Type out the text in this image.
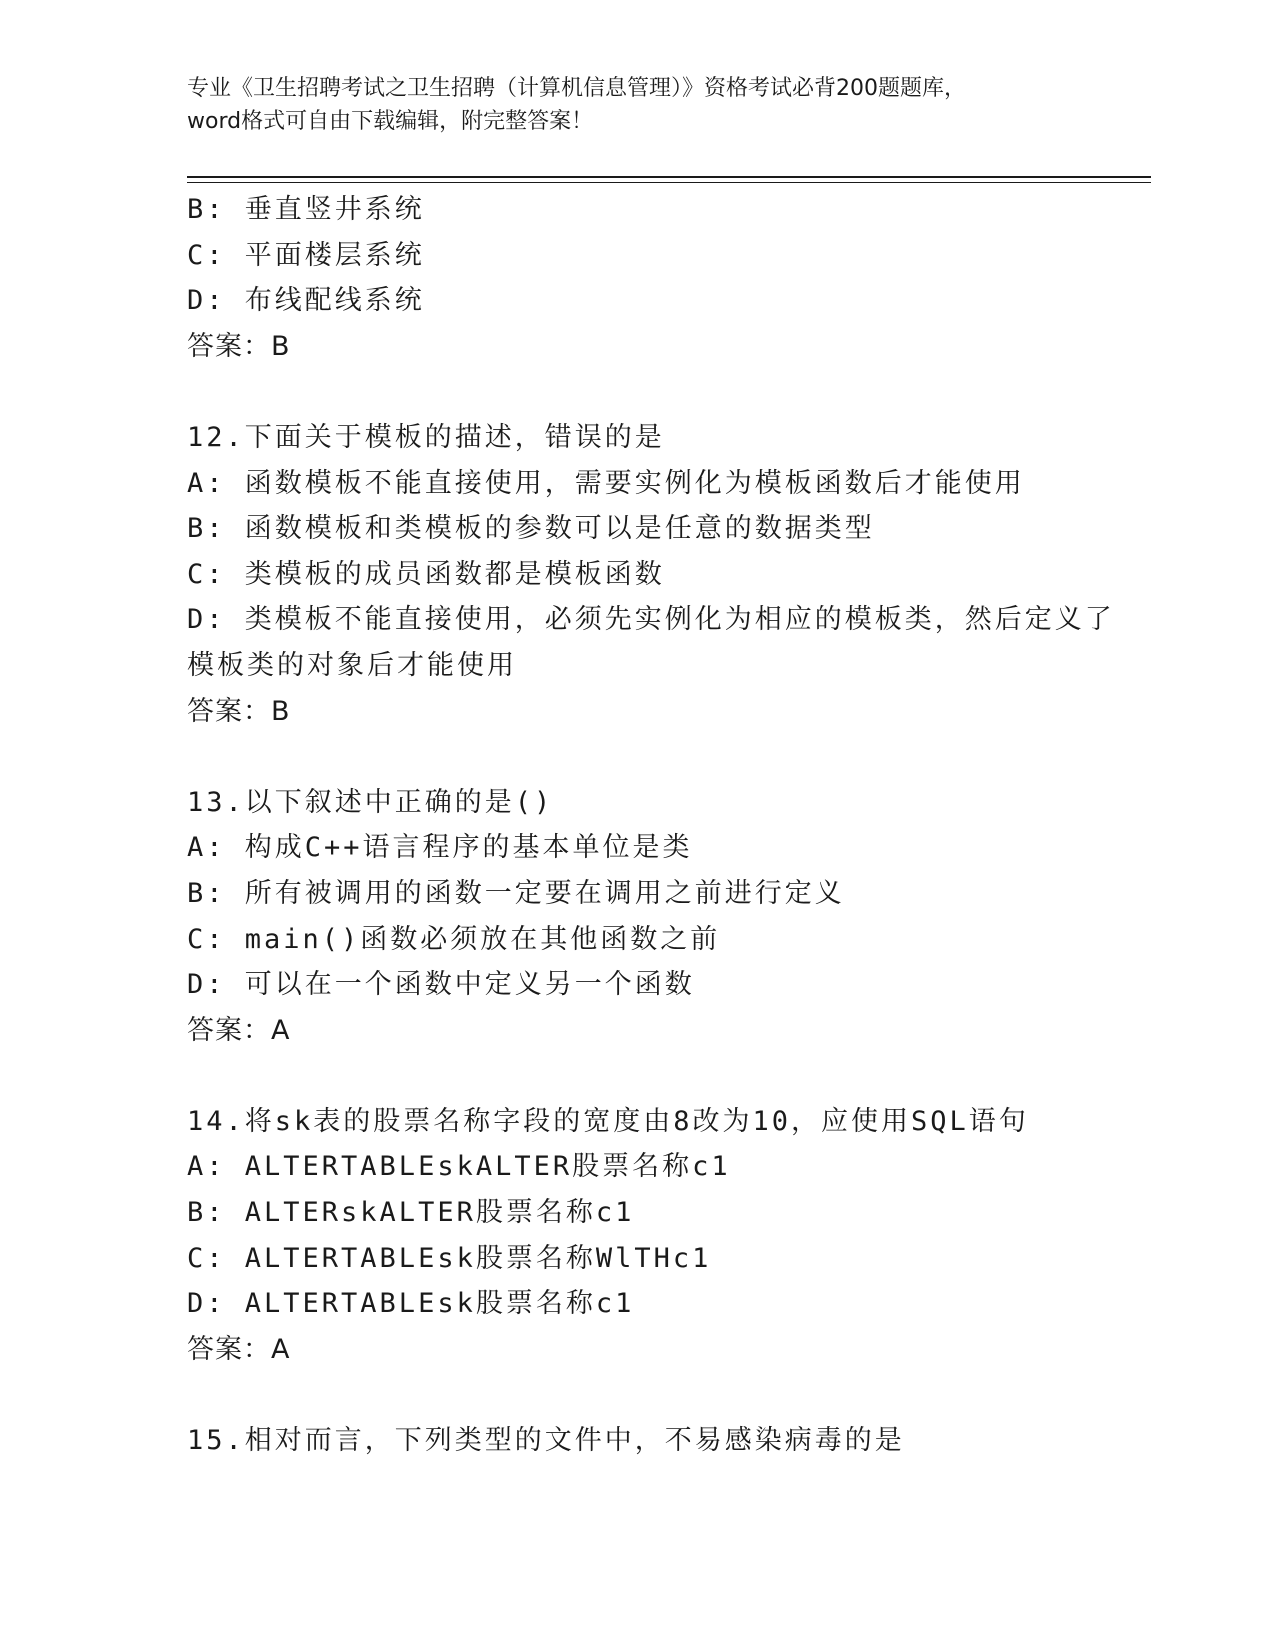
专业《卫生招聘考试之卫生招聘（计算机信息管理）》资格考试必背200题题库，
word格式可自由下载编辑，附完整答案！
B: 垂直竖井系统
C: 平面楼层系统
D: 布线配线系统
答案：B
12.下面关于模板的描述，错误的是
A: 函数模板不能直接使用，需要实例化为模板函数后才能使用
B: 函数模板和类模板的参数可以是任意的数据类型
C: 类模板的成员函数都是模板函数
D: 类模板不能直接使用，必须先实例化为相应的模板类，然后定义了
模板类的对象后才能使用
答案：B
13.以下叙述中正确的是()
A: 构成C++语言程序的基本单位是类
B: 所有被调用的函数一定要在调用之前进行定义
C: main()函数必须放在其他函数之前
D: 可以在一个函数中定义另一个函数
答案：A
14.将sk表的股票名称字段的宽度由8改为10，应使用SQL语句
A: ALTERTABLEskALTER股票名称c1
B: ALTERskALTER股票名称c1
C: ALTERTABLEsk股票名称WlTHc1
D: ALTERTABLEsk股票名称c1
答案：A
15.相对而言，下列类型的文件中，不易感染病毒的是
